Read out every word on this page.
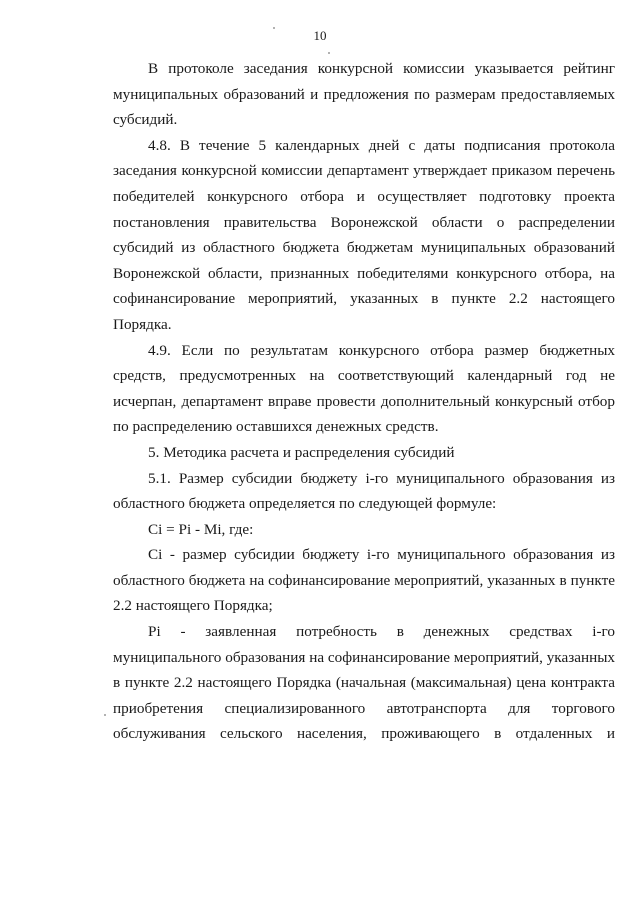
10

В протоколе заседания конкурсной комиссии указывается рейтинг муниципальных образований и предложения по размерам предоставляемых субсидий.

4.8. В течение 5 календарных дней с даты подписания протокола заседания конкурсной комиссии департамент утверждает приказом перечень победителей конкурсного отбора и осуществляет подготовку проекта постановления правительства Воронежской области о распределении субсидий из областного бюджета бюджетам муниципальных образований Воронежской области, признанных победителями конкурсного отбора, на софинансирование мероприятий, указанных в пункте 2.2 настоящего Порядка.

4.9. Если по результатам конкурсного отбора размер бюджетных средств, предусмотренных на соответствующий календарный год не исчерпан, департамент вправе провести дополнительный конкурсный отбор по распределению оставшихся денежных средств.

5. Методика расчета и распределения субсидий

5.1. Размер субсидии бюджету i-го муниципального образования из областного бюджета определяется по следующей формуле:

Ci = Pi - Mi, где:

Ci - размер субсидии бюджету i-го муниципального образования из областного бюджета на софинансирование мероприятий, указанных в пункте 2.2 настоящего Порядка;

Pi - заявленная потребность в денежных средствах i-го муниципального образования на софинансирование мероприятий, указанных в пункте 2.2 настоящего Порядка (начальная (максимальная) цена контракта приобретения специализированного автотранспорта для торгового обслуживания сельского населения, проживающего в отдаленных и
